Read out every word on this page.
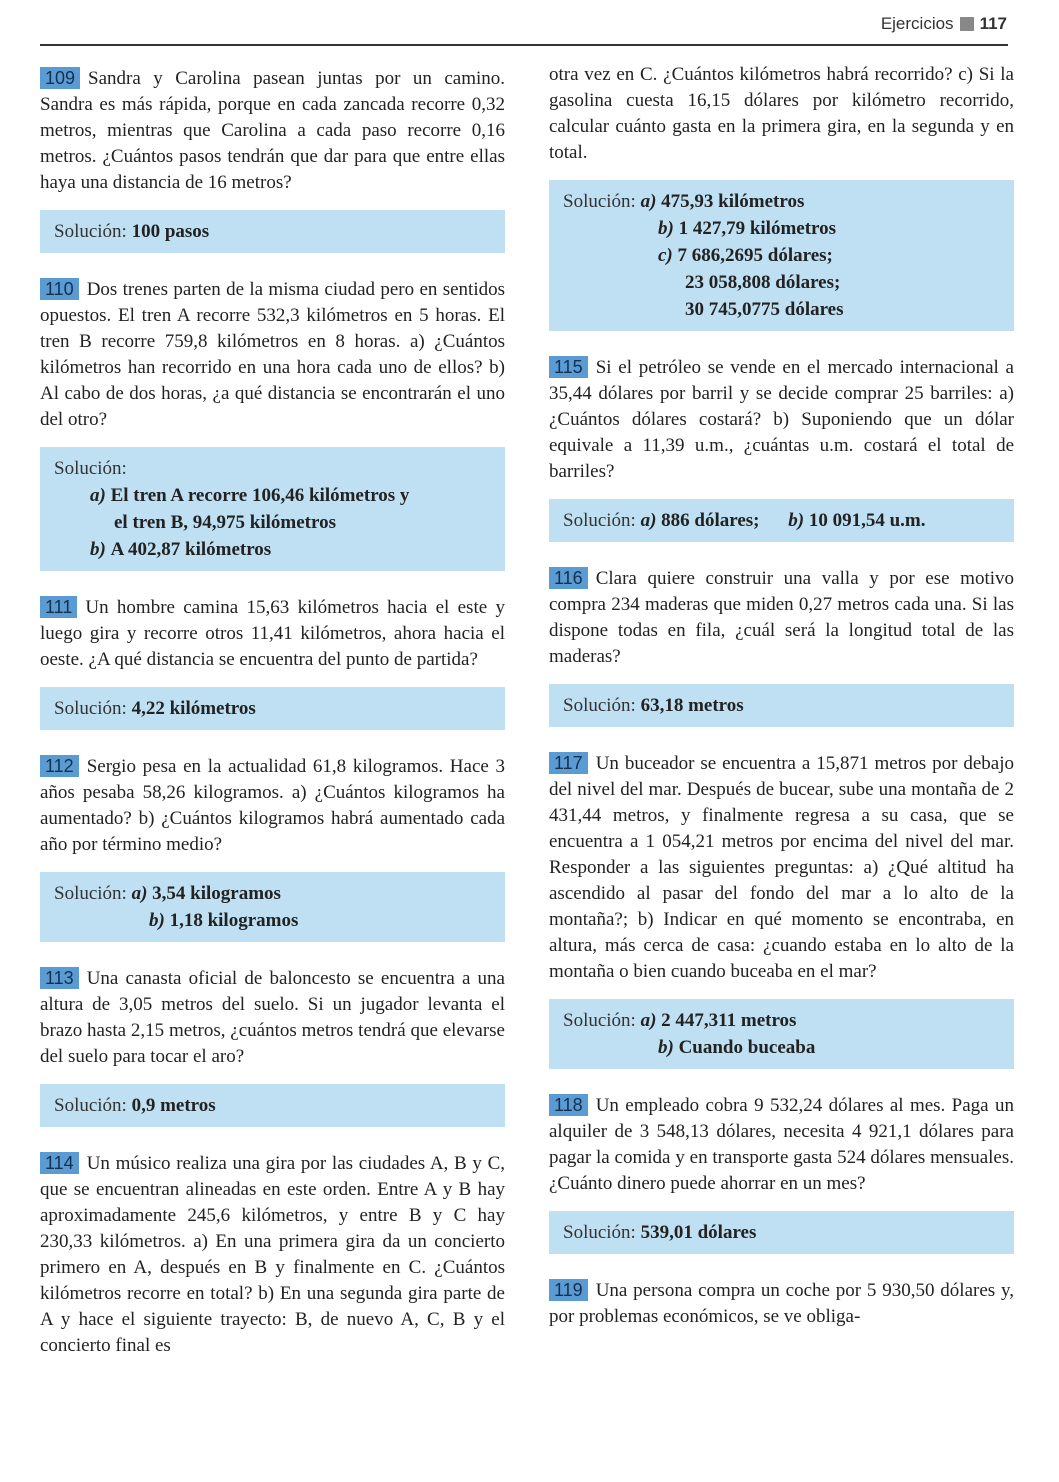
Ejercicios 117

109 Sandra y Carolina pasean juntas por un camino. Sandra es más rápida, porque en cada zancada recorre 0,32 metros, mientras que Carolina a cada paso recorre 0,16 metros. ¿Cuántos pasos tendrán que dar para que entre ellas haya una distancia de 16 metros?

Solución: 100 pasos

110 Dos trenes parten de la misma ciudad pero en sentidos opuestos. El tren A recorre 532,3 kilómetros en 5 horas. El tren B recorre 759,8 kilómetros en 8 horas. a) ¿Cuántos kilómetros han recorrido en una hora cada uno de ellos? b) Al cabo de dos horas, ¿a qué distancia se encontrarán el uno del otro?

Solución:
a) El tren A recorre 106,46 kilómetros y
el tren B, 94,975 kilómetros
b) A 402,87 kilómetros

111 Un hombre camina 15,63 kilómetros hacia el este y luego gira y recorre otros 11,41 kilómetros, ahora hacia el oeste. ¿A qué distancia se encuentra del punto de partida?

Solución: 4,22 kilómetros

112 Sergio pesa en la actualidad 61,8 kilogramos. Hace 3 años pesaba 58,26 kilogramos. a) ¿Cuántos kilogramos ha aumentado? b) ¿Cuántos kilogramos habrá aumentado cada año por término medio?

Solución: a) 3,54 kilogramos
b) 1,18 kilogramos

113 Una canasta oficial de baloncesto se encuentra a una altura de 3,05 metros del suelo. Si un jugador levanta el brazo hasta 2,15 metros, ¿cuántos metros tendrá que elevarse del suelo para tocar el aro?

Solución: 0,9 metros

114 Un músico realiza una gira por las ciudades A, B y C, que se encuentran alineadas en este orden. Entre A y B hay aproximadamente 245,6 kilómetros, y entre B y C hay 230,33 kilómetros. a) En una primera gira da un concierto primero en A, después en B y finalmente en C. ¿Cuántos kilómetros recorre en total? b) En una segunda gira parte de A y hace el siguiente trayecto: B, de nuevo A, C, B y el concierto final es

otra vez en C. ¿Cuántos kilómetros habrá recorrido? c) Si la gasolina cuesta 16,15 dólares por kilómetro recorrido, calcular cuánto gasta en la primera gira, en la segunda y en total.

Solución: a) 475,93 kilómetros
b) 1 427,79 kilómetros
c) 7 686,2695 dólares;
23 058,808 dólares;
30 745,0775 dólares

115 Si el petróleo se vende en el mercado internacional a 35,44 dólares por barril y se decide comprar 25 barriles: a) ¿Cuántos dólares costará? b) Suponiendo que un dólar equivale a 11,39 u.m., ¿cuántas u.m. costará el total de barriles?

Solución: a) 886 dólares; b) 10 091,54 u.m.

116 Clara quiere construir una valla y por ese motivo compra 234 maderas que miden 0,27 metros cada una. Si las dispone todas en fila, ¿cuál será la longitud total de las maderas?

Solución: 63,18 metros

117 Un buceador se encuentra a 15,871 metros por debajo del nivel del mar. Después de bucear, sube una montaña de 2 431,44 metros, y finalmente regresa a su casa, que se encuentra a 1 054,21 metros por encima del nivel del mar. Responder a las siguientes preguntas: a) ¿Qué altitud ha ascendido al pasar del fondo del mar a lo alto de la montaña?; b) Indicar en qué momento se encontraba, en altura, más cerca de casa: ¿cuando estaba en lo alto de la montaña o bien cuando buceaba en el mar?

Solución: a) 2 447,311 metros
b) Cuando buceaba

118 Un empleado cobra 9 532,24 dólares al mes. Paga un alquiler de 3 548,13 dólares, necesita 4 921,1 dólares para pagar la comida y en transporte gasta 524 dólares mensuales. ¿Cuánto dinero puede ahorrar en un mes?

Solución: 539,01 dólares

119 Una persona compra un coche por 5 930,50 dólares y, por problemas económicos, se ve obliga-
